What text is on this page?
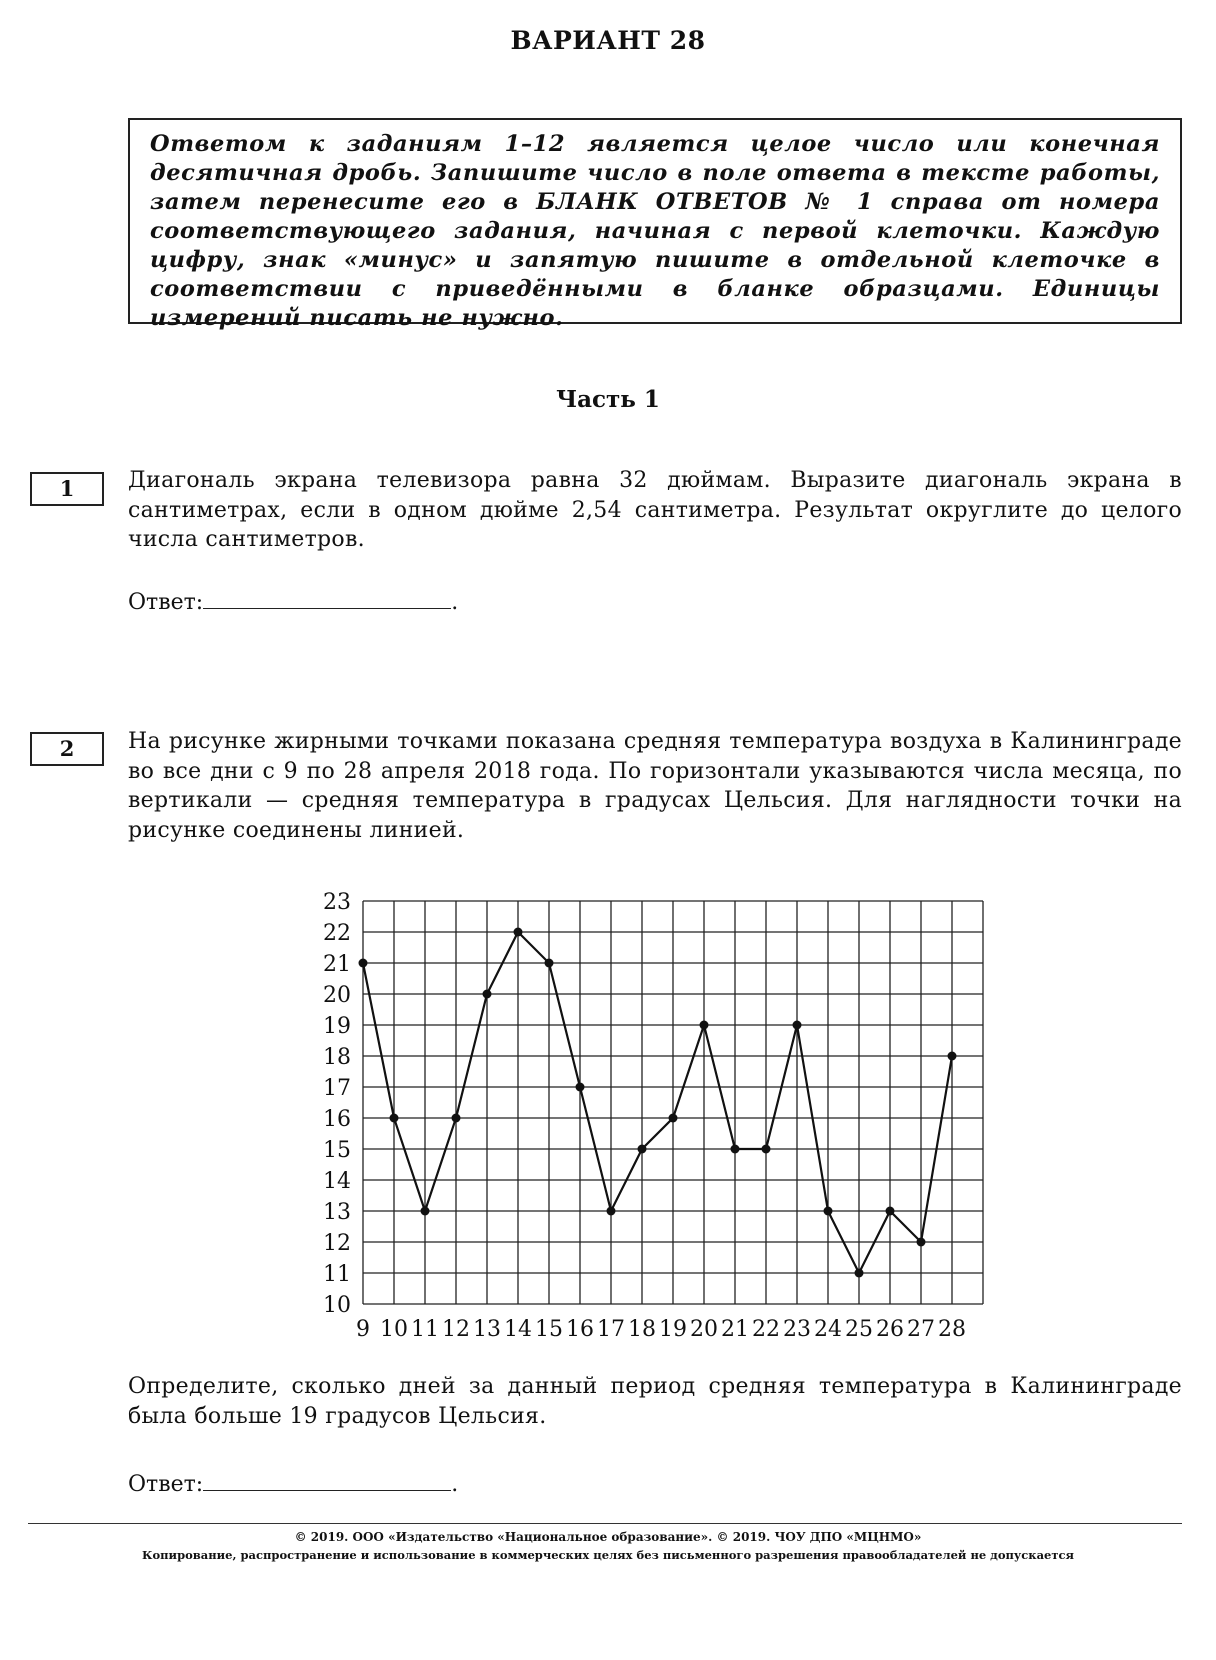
ВАРИАНТ 28
Ответом к заданиям 1–12 является целое число или конечная десятичная дробь. Запишите число в поле ответа в тексте работы, затем перенесите его в БЛАНК ОТВЕТОВ № 1 справа от номера соответствующего задания, начиная с первой клеточки. Каждую цифру, знак «минус» и запятую пишите в отдельной клеточке в соответствии с приведёнными в бланке образцами. Единицы измерений писать не нужно.
Часть 1
1	Диагональ экрана телевизора равна 32 дюймам. Выразите диагональ экрана в сантиметрах, если в одном дюйме 2,54 сантиметра. Результат округлите до целого числа сантиметров.
Ответ:	.
2	На рисунке жирными точками показана средняя температура воздуха в Калининграде во все дни с 9 по 28 апреля 2018 года. По горизонтали указываются числа месяца, по вертикали — средняя температура в градусах Цельсия. Для наглядности точки на рисунке соединены линией.
10
11
12
13
14
15
16
17
18
19
20
21
22
23
9 10 11 12 13 14 15 16 17 18 19 20 21 22 23 24 25 26 27 28
Определите, сколько дней за данный период средняя температура в Калининграде была больше 19 градусов Цельсия.
Ответ:	.
© 2019. ООО «Издательство «Национальное образование». © 2019. ЧОУ ДПО «МЦНМО»
Копирование, распространение и использование в коммерческих целях без письменного разрешения правообладателей не допускается
